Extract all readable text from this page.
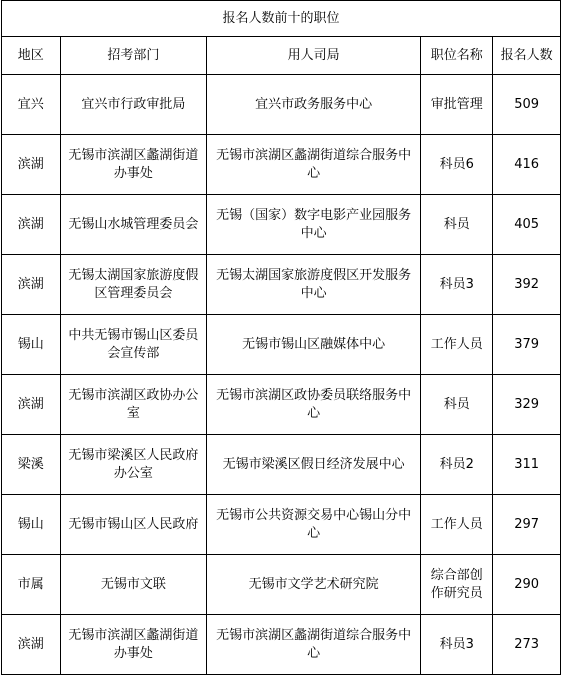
报名人数前十的职位				
地区	招考部门	用人司局	职位名称	报名人数
宜兴	宜兴市行政审批局	宜兴市政务服务中心	审批管理	509
滨湖	无锡市滨湖区蠡湖街道办事处	无锡市滨湖区蠡湖街道综合服务中心	科员6	416
滨湖	无锡山水城管理委员会	无锡（国家）数字电影产业园服务中心	科员	405
滨湖	无锡太湖国家旅游度假区管理委员会	无锡太湖国家旅游度假区开发服务中心	科员3	392
锡山	中共无锡市锡山区委员会宣传部	无锡市锡山区融媒体中心	工作人员	379
滨湖	无锡市滨湖区政协办公室	无锡市滨湖区政协委员联络服务中心	科员	329
梁溪	无锡市梁溪区人民政府办公室	无锡市梁溪区假日经济发展中心	科员2	311
锡山	无锡市锡山区人民政府	无锡市公共资源交易中心锡山分中心	工作人员	297
市属	无锡市文联	无锡市文学艺术研究院	综合部创作研究员	290
滨湖	无锡市滨湖区蠡湖街道办事处	无锡市滨湖区蠡湖街道综合服务中心	科员3	273
